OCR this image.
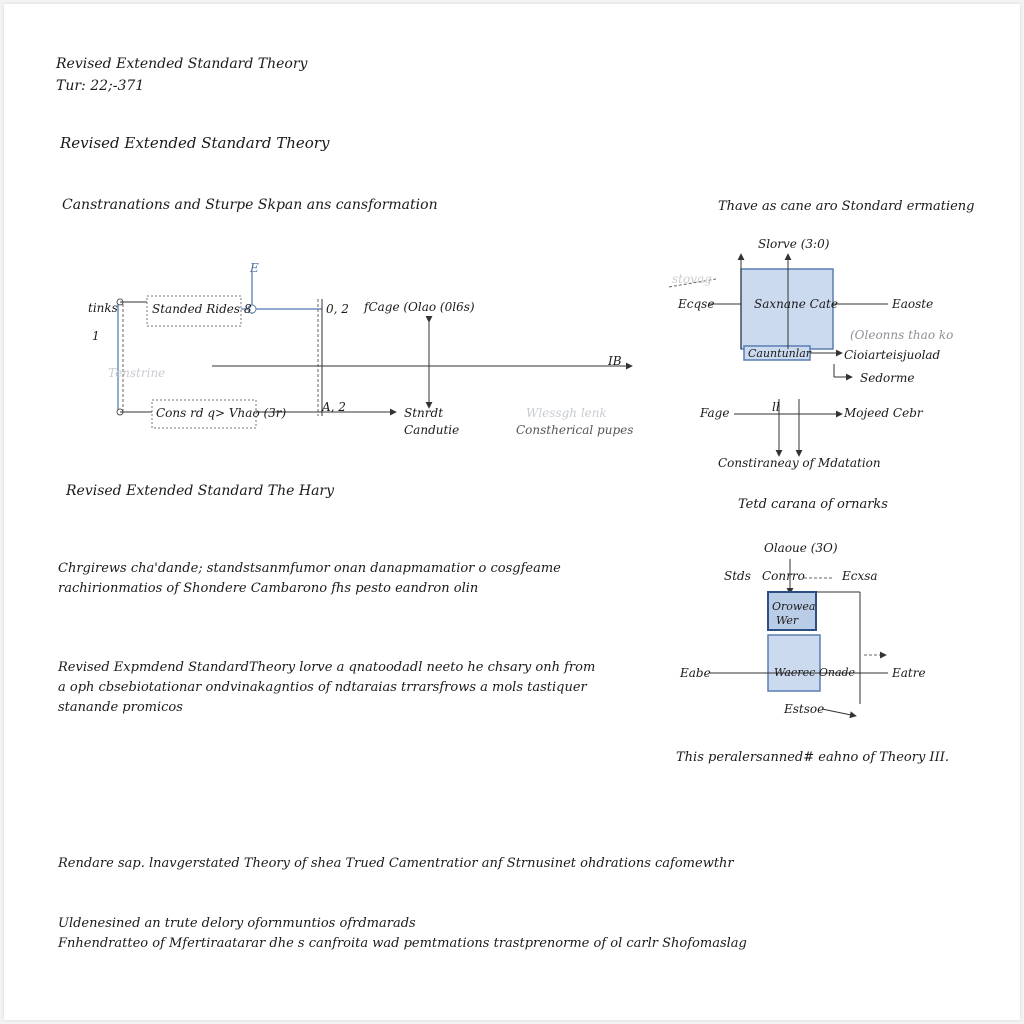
Revised Extended Standard Theory
Tur: 22;-371
Revised Extended Standard Theory
Canstranations and Sturpe Skpan ans cansformation	Thave as cane aro Stondard ermatieng
E
tinks
1
Standed Rides 8	0, 2 fCage (Olao (0l6s)
IB
Tenstrine
Cons rd q> Vhao (3r)	A, 2	Stnrdt
Candutie
Wlessgh lenk
Constherical pupes
Slorve (3:0)
stovag
Ecqse	Saxnane Cate	Eaoste
(Oleonns thao ko
Cauntunlar	Cioiarteisjuolad
Sedorme
Fage	ll	Mojeed Cebr
Constiraneay of Mdatation
Revised Extended Standard The Hary
Tetd carana of ornarks
Chrgirews cha'dande; standstsanmfumor onan danapmamatior o cosgfeame
rachirionmatios of Shondere Cambarono fhs pesto eandron olin
Revised Expmdend StandardTheory lorve a qnatoodadl neeto he chsary onh from
a oph cbsebiotationar ondvinakagntios of ndtaraias trrarsfrows a mols tastiquer
stanande promicos
Olaoue (3O)
Stds Conrro	Ecxsa
Orowea
Wer
Eabe	Waerec Onade	Eatre
Estsoe
This peralersanned# eahno of Theory III.
Rendare sap. lnavgerstated Theory of shea Trued Camentratior anf Strnusinet ohdrations cafomewthr
Uldenesined an trute delory ofornmuntios ofrdmarads
Fnhendratteo of Mfertiraatarar dhe s canfroita wad pemtmations trastprenorme of ol carlr Shofomaslag
